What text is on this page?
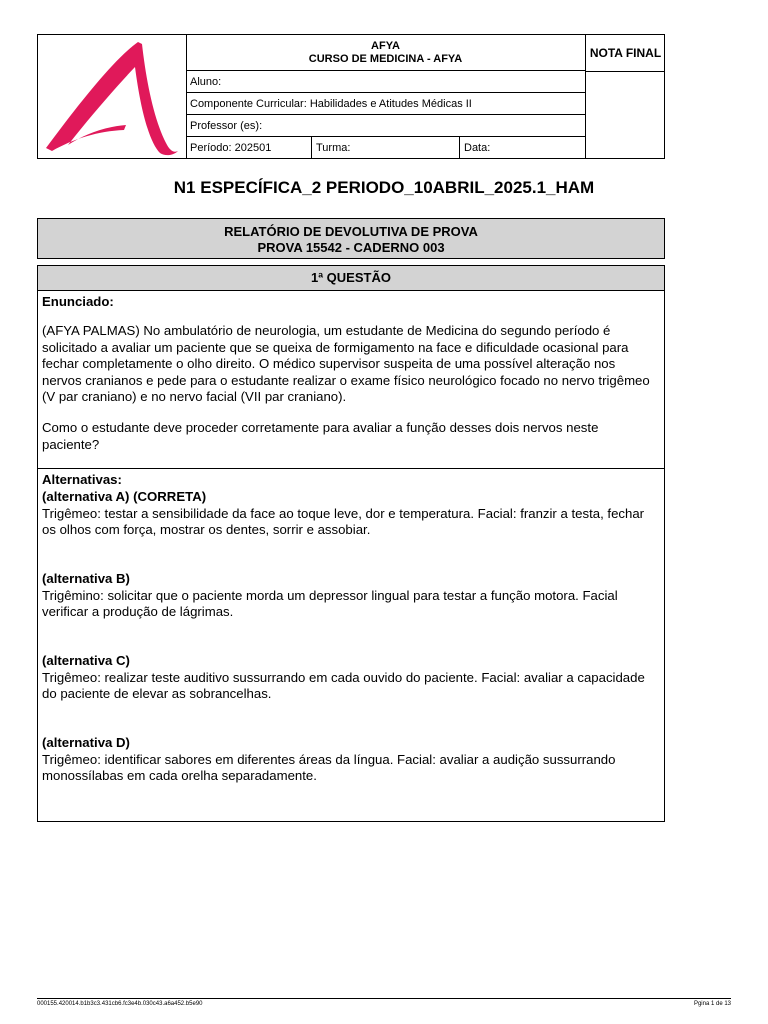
AFYA
CURSO DE MEDICINA - AFYA
Aluno:
Componente Curricular: Habilidades e Atitudes Médicas II
Professor (es):
Período: 202501	Turma:	Data:
NOTA FINAL
N1 ESPECÍFICA_2 PERIODO_10ABRIL_2025.1_HAM
RELATÓRIO DE DEVOLUTIVA DE PROVA
PROVA 15542 - CADERNO 003
1ª QUESTÃO
Enunciado:
(AFYA PALMAS) No ambulatório de neurologia, um estudante de Medicina do segundo período é solicitado a avaliar um paciente que se queixa de formigamento na face e dificuldade ocasional para fechar completamente o olho direito. O médico supervisor suspeita de uma possível alteração nos nervos cranianos e pede para o estudante realizar o exame físico neurológico focado no nervo trigêmeo (V par craniano) e no nervo facial (VII par craniano).
Como o estudante deve proceder corretamente para avaliar a função desses dois nervos neste paciente?
Alternativas:
(alternativa A) (CORRETA)
Trigêmeo: testar a sensibilidade da face ao toque leve, dor e temperatura. Facial: franzir a testa, fechar os olhos com força, mostrar os dentes, sorrir e assobiar.
(alternativa B)
Trigêmino: solicitar que o paciente morda um depressor lingual para testar a função motora. Facial verificar a produção de lágrimas.
(alternativa C)
Trigêmeo: realizar teste auditivo sussurrando em cada ouvido do paciente. Facial: avaliar a capacidade do paciente de elevar as sobrancelhas.
(alternativa D)
Trigêmeo: identificar sabores em diferentes áreas da língua. Facial: avaliar a audição sussurrando monossílabas em cada orelha separadamente.
000155.420014.b1b3c3.431cb6.fc3e4b.030c43.a6a452.b5e90	Pgina 1 de 13
